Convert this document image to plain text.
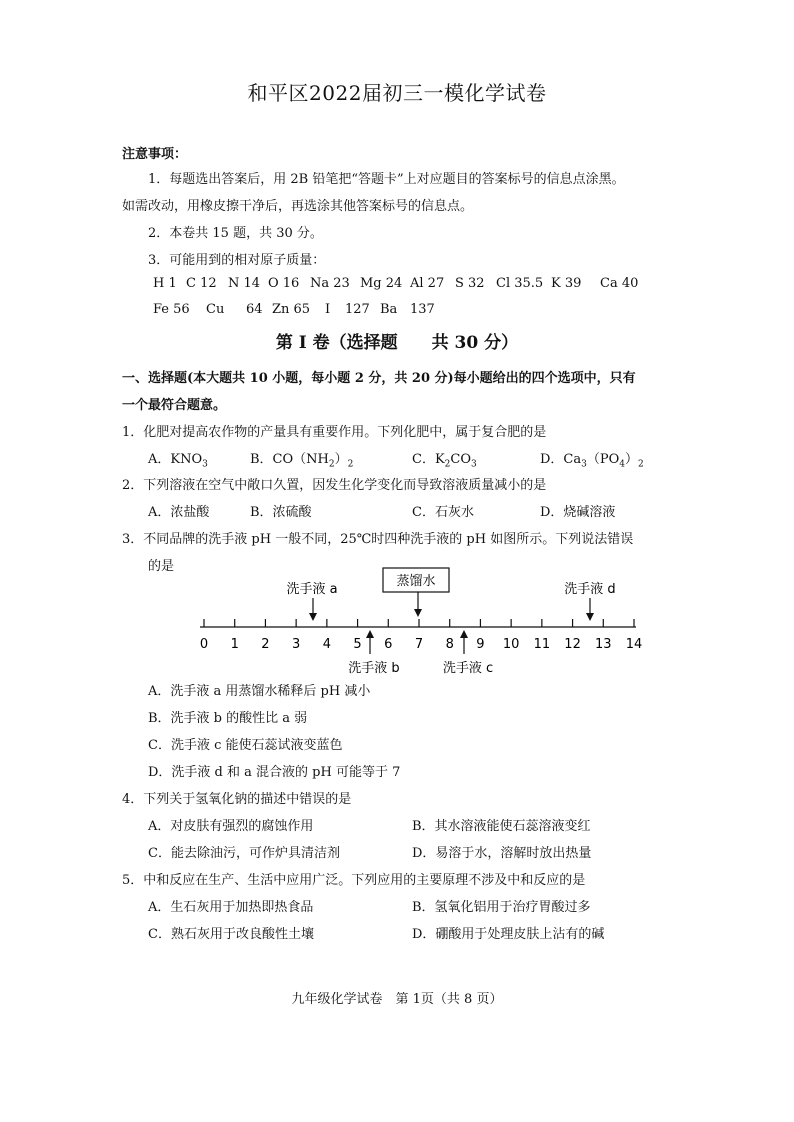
和平区2022届初三一模化学试卷
注意事项：
1．每题选出答案后，用 2B 铅笔把“答题卡”上对应题目的答案标号的信息点涂黑。
如需改动，用橡皮擦干净后，再选涂其他答案标号的信息点。
2．本卷共 15 题，共 30 分。
3．可能用到的相对原子质量：
H 1 C 12 N 14 O 16 Na 23 Mg 24 Al 27 S 32 Cl 35.5 K 39 Ca 40
Fe 56 Cu 64 Zn 65 I 127 Ba 137
第 I 卷（选择题　　共 30 分）
一、选择题(本大题共 10 小题，每小题 2 分，共 20 分)每小题给出的四个选项中，只有
一个最符合题意。
1．化肥对提高农作物的产量具有重要作用。下列化肥中，属于复合肥的是
A．$KNO_3$	B．$CO(NH_2)_2$	C．$K_2CO_3$	D．$Ca_3(PO_4)_2$
2．下列溶液在空气中敞口久置，因发生化学变化而导致溶液质量减小的是
A．浓盐酸	B．浓硫酸	C．石灰水	D．烧碱溶液
3．不同品牌的洗手液 pH 一般不同，25℃时四种洗手液的 pH 如图所示。下列说法错误
的是
0 1 2 3 4 5 6 7 8 9 10 11 12 13 14
蒸馏水
洗手液 a	洗手液 d
洗手液 b	洗手液 c
A．洗手液 a 用蒸馏水稀释后 pH 减小
B．洗手液 b 的酸性比 a 弱
C．洗手液 c 能使石蕊试液变蓝色
D．洗手液 d 和 a 混合液的 pH 可能等于 7
4．下列关于氢氧化钠的描述中错误的是
A．对皮肤有强烈的腐蚀作用	B．其水溶液能使石蕊溶液变红
C．能去除油污，可作炉具清洁剂	D．易溶于水，溶解时放出热量
5．中和反应在生产、生活中应用广泛。下列应用的主要原理不涉及中和反应的是
A．生石灰用于加热即热食品	B．氢氧化铝用于治疗胃酸过多
C．熟石灰用于改良酸性土壤	D．硼酸用于处理皮肤上沾有的碱
九年级化学试卷　第 1页（共 8 页）
